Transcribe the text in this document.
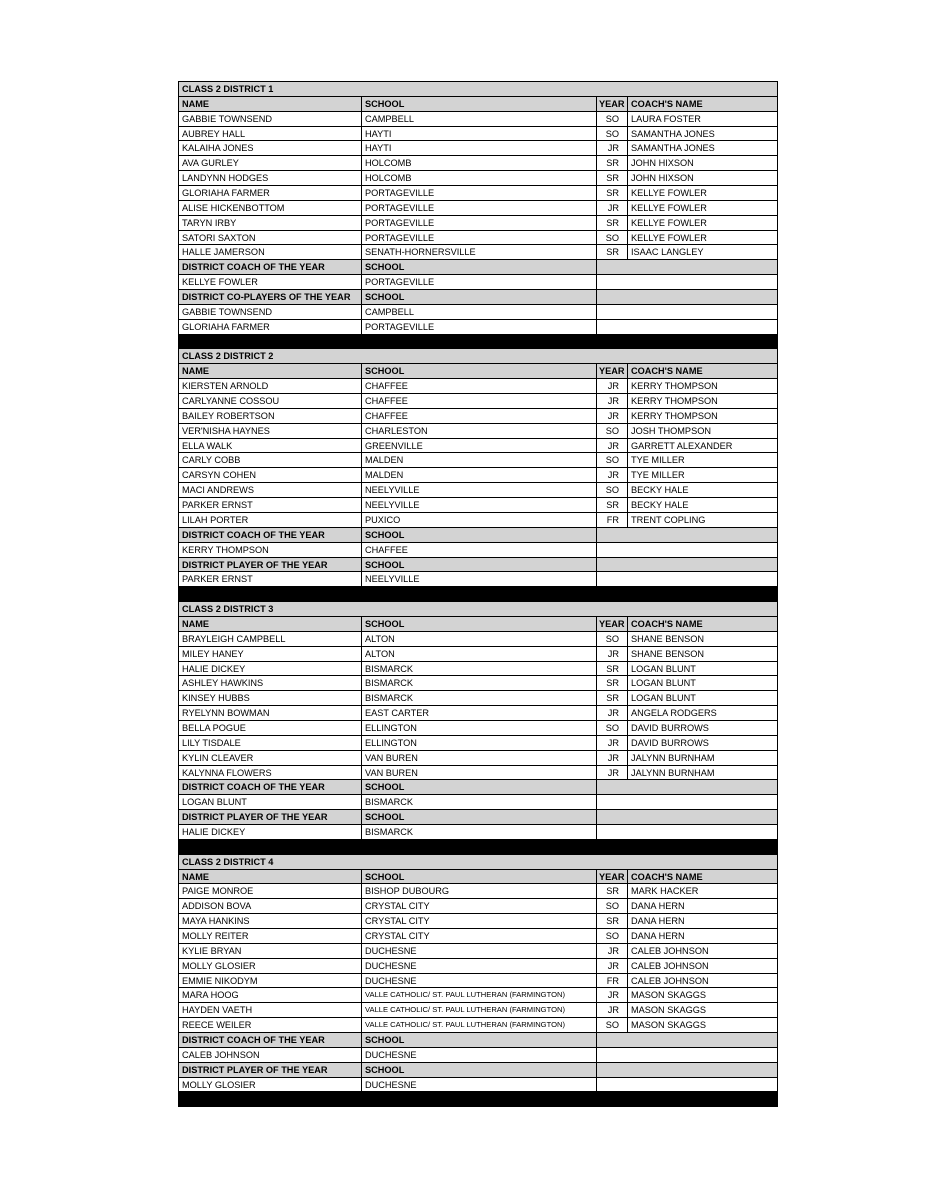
CLASS 2 DISTRICT 1
NAME	SCHOOL	YEAR COACH'S NAME
GABBIE TOWNSEND	CAMPBELL	SO	LAURA FOSTER
AUBREY HALL	HAYTI	SO	SAMANTHA JONES
KALAIHA JONES	HAYTI	JR	SAMANTHA JONES
AVA GURLEY	HOLCOMB	SR	JOHN HIXSON
LANDYNN HODGES	HOLCOMB	SR	JOHN HIXSON
GLORIAHA FARMER	PORTAGEVILLE	SR	KELLYE FOWLER
ALISE HICKENBOTTOM	PORTAGEVILLE	JR	KELLYE FOWLER
TARYN IRBY	PORTAGEVILLE	SR	KELLYE FOWLER
SATORI SAXTON	PORTAGEVILLE	SO	KELLYE FOWLER
HALLE JAMERSON	SENATH-HORNERSVILLE	SR	ISAAC LANGLEY
DISTRICT COACH OF THE YEAR	SCHOOL
KELLYE FOWLER	PORTAGEVILLE
DISTRICT CO-PLAYERS OF THE YEAR	SCHOOL
GABBIE TOWNSEND	CAMPBELL
GLORIAHA FARMER	PORTAGEVILLE
CLASS 2 DISTRICT 2
NAME	SCHOOL	YEAR COACH'S NAME
KIERSTEN ARNOLD	CHAFFEE	JR	KERRY THOMPSON
CARLYANNE COSSOU	CHAFFEE	JR	KERRY THOMPSON
BAILEY ROBERTSON	CHAFFEE	JR	KERRY THOMPSON
VER'NISHA HAYNES	CHARLESTON	SO	JOSH THOMPSON
ELLA WALK	GREENVILLE	JR	GARRETT ALEXANDER
CARLY COBB	MALDEN	SO	TYE MILLER
CARSYN COHEN	MALDEN	JR	TYE MILLER
MACI ANDREWS	NEELYVILLE	SO	BECKY HALE
PARKER ERNST	NEELYVILLE	SR	BECKY HALE
LILAH PORTER	PUXICO	FR	TRENT COPLING
DISTRICT COACH OF THE YEAR	SCHOOL
KERRY THOMPSON	CHAFFEE
DISTRICT PLAYER OF THE YEAR	SCHOOL
PARKER ERNST	NEELYVILLE
CLASS 2 DISTRICT 3
NAME	SCHOOL	YEAR COACH'S NAME
BRAYLEIGH CAMPBELL	ALTON	SO	SHANE BENSON
MILEY HANEY	ALTON	JR	SHANE BENSON
HALIE DICKEY	BISMARCK	SR	LOGAN BLUNT
ASHLEY HAWKINS	BISMARCK	SR	LOGAN BLUNT
KINSEY HUBBS	BISMARCK	SR	LOGAN BLUNT
RYELYNN BOWMAN	EAST CARTER	JR	ANGELA RODGERS
BELLA POGUE	ELLINGTON	SO	DAVID BURROWS
LILY TISDALE	ELLINGTON	JR	DAVID BURROWS
KYLIN CLEAVER	VAN BUREN	JR	JALYNN BURNHAM
KALYNNA FLOWERS	VAN BUREN	JR	JALYNN BURNHAM
DISTRICT COACH OF THE YEAR	SCHOOL
LOGAN BLUNT	BISMARCK
DISTRICT PLAYER OF THE YEAR	SCHOOL
HALIE DICKEY	BISMARCK
CLASS 2 DISTRICT 4
NAME	SCHOOL	YEAR COACH'S NAME
PAIGE MONROE	BISHOP DUBOURG	SR	MARK HACKER
ADDISON BOVA	CRYSTAL CITY	SO	DANA HERN
MAYA HANKINS	CRYSTAL CITY	SR	DANA HERN
MOLLY REITER	CRYSTAL CITY	SO	DANA HERN
KYLIE BRYAN	DUCHESNE	JR	CALEB JOHNSON
MOLLY GLOSIER	DUCHESNE	JR	CALEB JOHNSON
EMMIE NIKODYM	DUCHESNE	FR	CALEB JOHNSON
MARA HOOG	VALLE CATHOLIC/ ST. PAUL LUTHERAN (FARMINGTON)	JR	MASON SKAGGS
HAYDEN VAETH	VALLE CATHOLIC/ ST. PAUL LUTHERAN (FARMINGTON)	JR	MASON SKAGGS
REECE WEILER	VALLE CATHOLIC/ ST. PAUL LUTHERAN (FARMINGTON)	SO	MASON SKAGGS
DISTRICT COACH OF THE YEAR	SCHOOL
CALEB JOHNSON	DUCHESNE
DISTRICT PLAYER OF THE YEAR	SCHOOL
MOLLY GLOSIER	DUCHESNE
